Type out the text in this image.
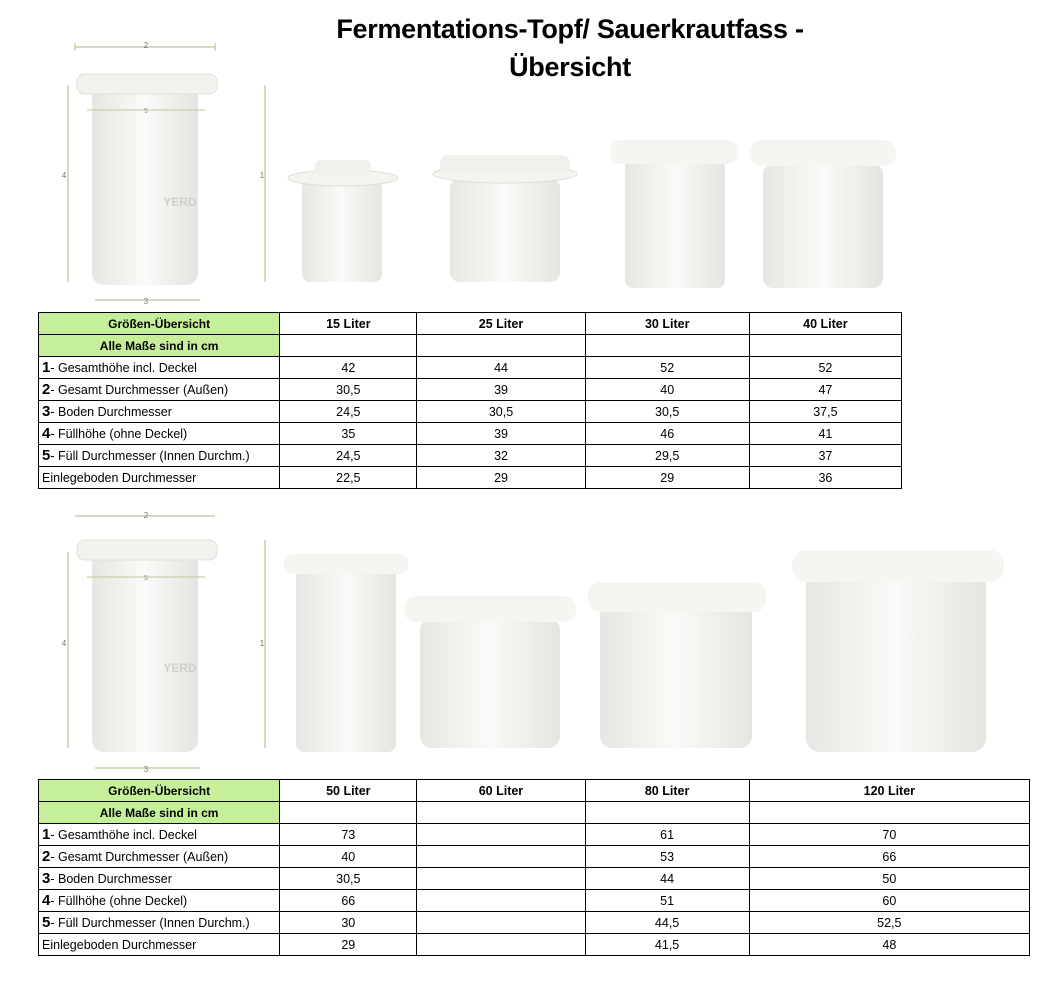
Fermentations-Topf/ Sauerkrautfass -
Übersicht
2
5
4	1
3
YERD
Größen-Übersicht	15 Liter	25 Liter	30 Liter	40 Liter
Alle Maße sind in cm				
1- Gesamthöhe incl. Deckel	42	44	52	52
2- Gesamt Durchmesser (Außen)	30,5	39	40	47
3- Boden Durchmesser	24,5	30,5	30,5	37,5
4- Füllhöhe (ohne Deckel)	35	39	46	41
5- Füll Durchmesser (Innen Durchm.)	24,5	32	29,5	37
Einlegeboden Durchmesser	22,5	29	29	36
2
5
4	1
3
YERD
Größen-Übersicht	50 Liter	60 Liter	80 Liter	120 Liter
Alle Maße sind in cm				
1- Gesamthöhe incl. Deckel	73		61	70
2- Gesamt Durchmesser (Außen)	40		53	66
3- Boden Durchmesser	30,5		44	50
4- Füllhöhe (ohne Deckel)	66		51	60
5- Füll Durchmesser (Innen Durchm.)	30		44,5	52,5
Einlegeboden Durchmesser	29		41,5	48
